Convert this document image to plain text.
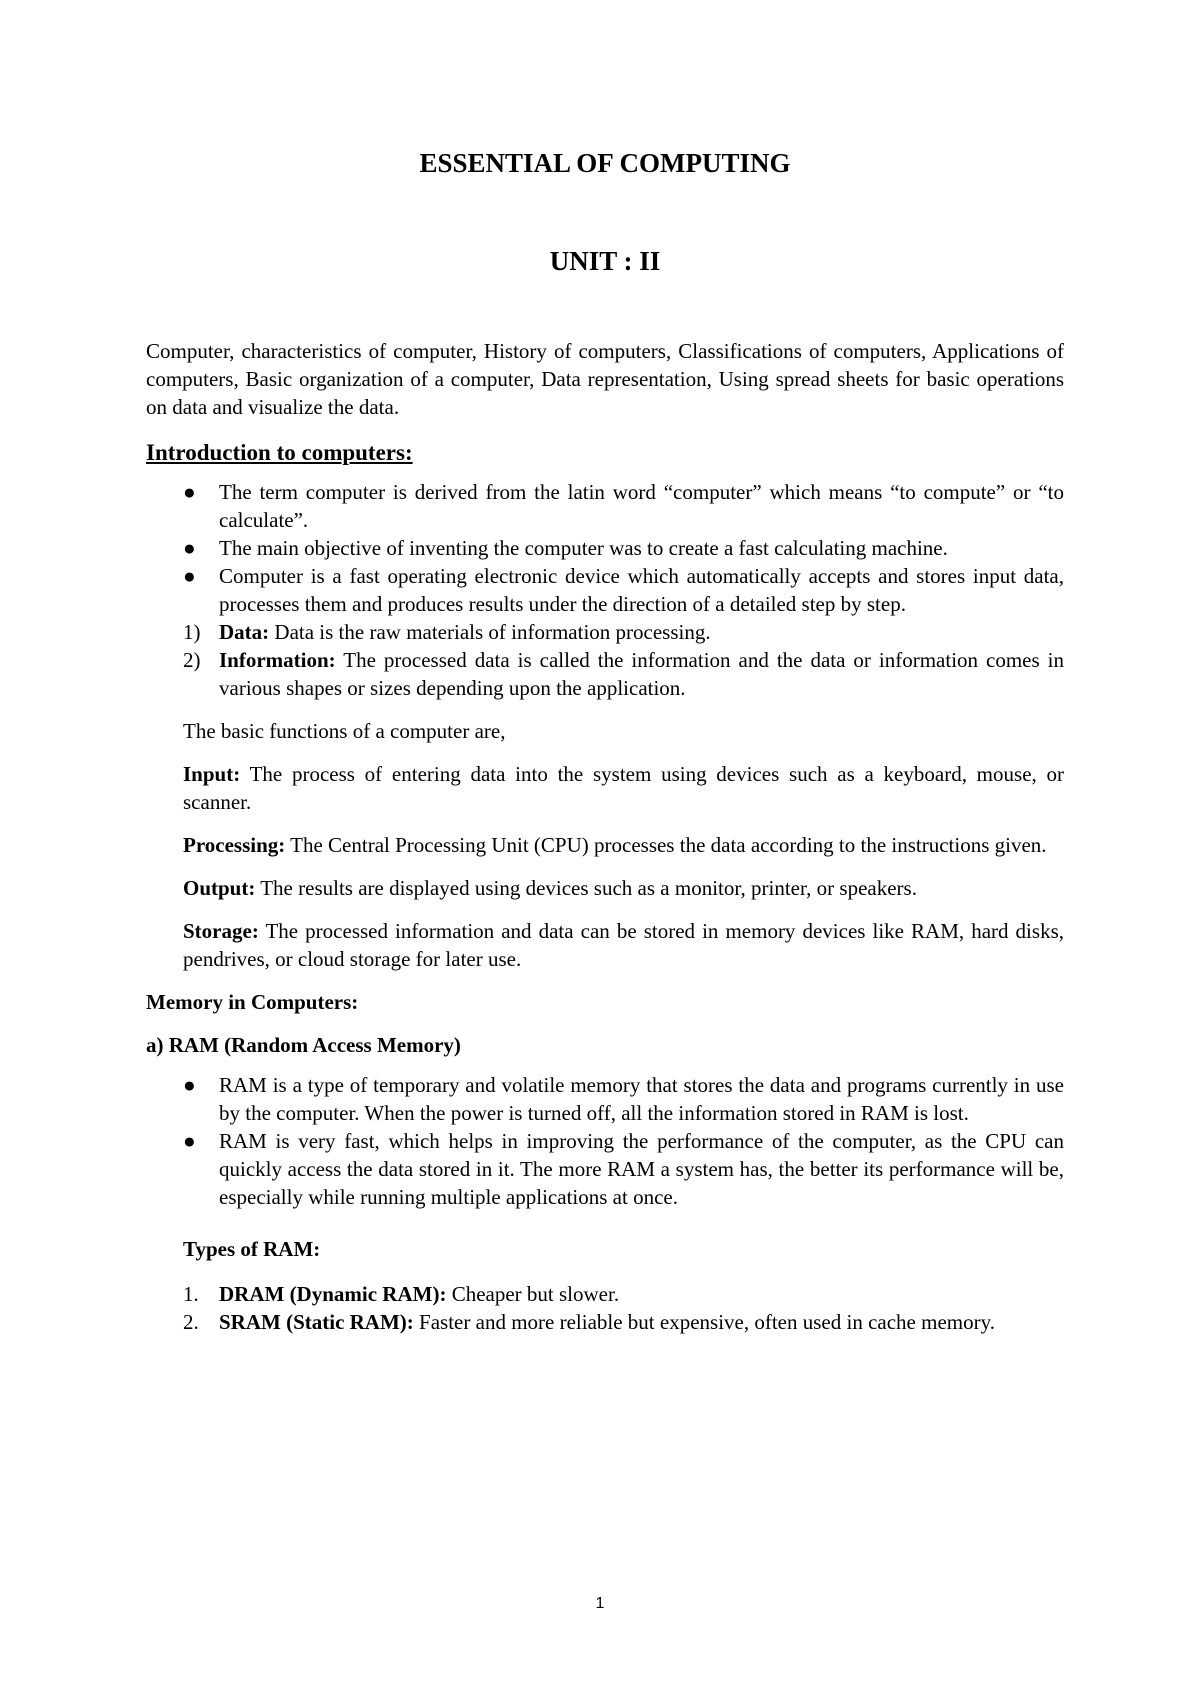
ESSENTIAL OF COMPUTING
UNIT : II

Computer, characteristics of computer, History of computers, Classifications of computers, Applications of computers, Basic organization of a computer, Data representation, Using spread sheets for basic operations on data and visualize the data.

Introduction to computers:
● The term computer is derived from the latin word “computer” which means “to compute” or “to calculate”.
● The main objective of inventing the computer was to create a fast calculating machine.
● Computer is a fast operating electronic device which automatically accepts and stores input data, processes them and produces results under the direction of a detailed step by step.
1) Data: Data is the raw materials of information processing.
2) Information: The processed data is called the information and the data or information comes in various shapes or sizes depending upon the application.

The basic functions of a computer are,

Input: The process of entering data into the system using devices such as a keyboard, mouse, or scanner.

Processing: The Central Processing Unit (CPU) processes the data according to the instructions given.

Output: The results are displayed using devices such as a monitor, printer, or speakers.

Storage: The processed information and data can be stored in memory devices like RAM, hard disks, pendrives, or cloud storage for later use.

Memory in Computers:
a) RAM (Random Access Memory)
● RAM is a type of temporary and volatile memory that stores the data and programs currently in use by the computer. When the power is turned off, all the information stored in RAM is lost.
● RAM is very fast, which helps in improving the performance of the computer, as the CPU can quickly access the data stored in it. The more RAM a system has, the better its performance will be, especially while running multiple applications at once.
Types of RAM:
1. DRAM (Dynamic RAM): Cheaper but slower.
2. SRAM (Static RAM): Faster and more reliable but expensive, often used in cache memory.
1
